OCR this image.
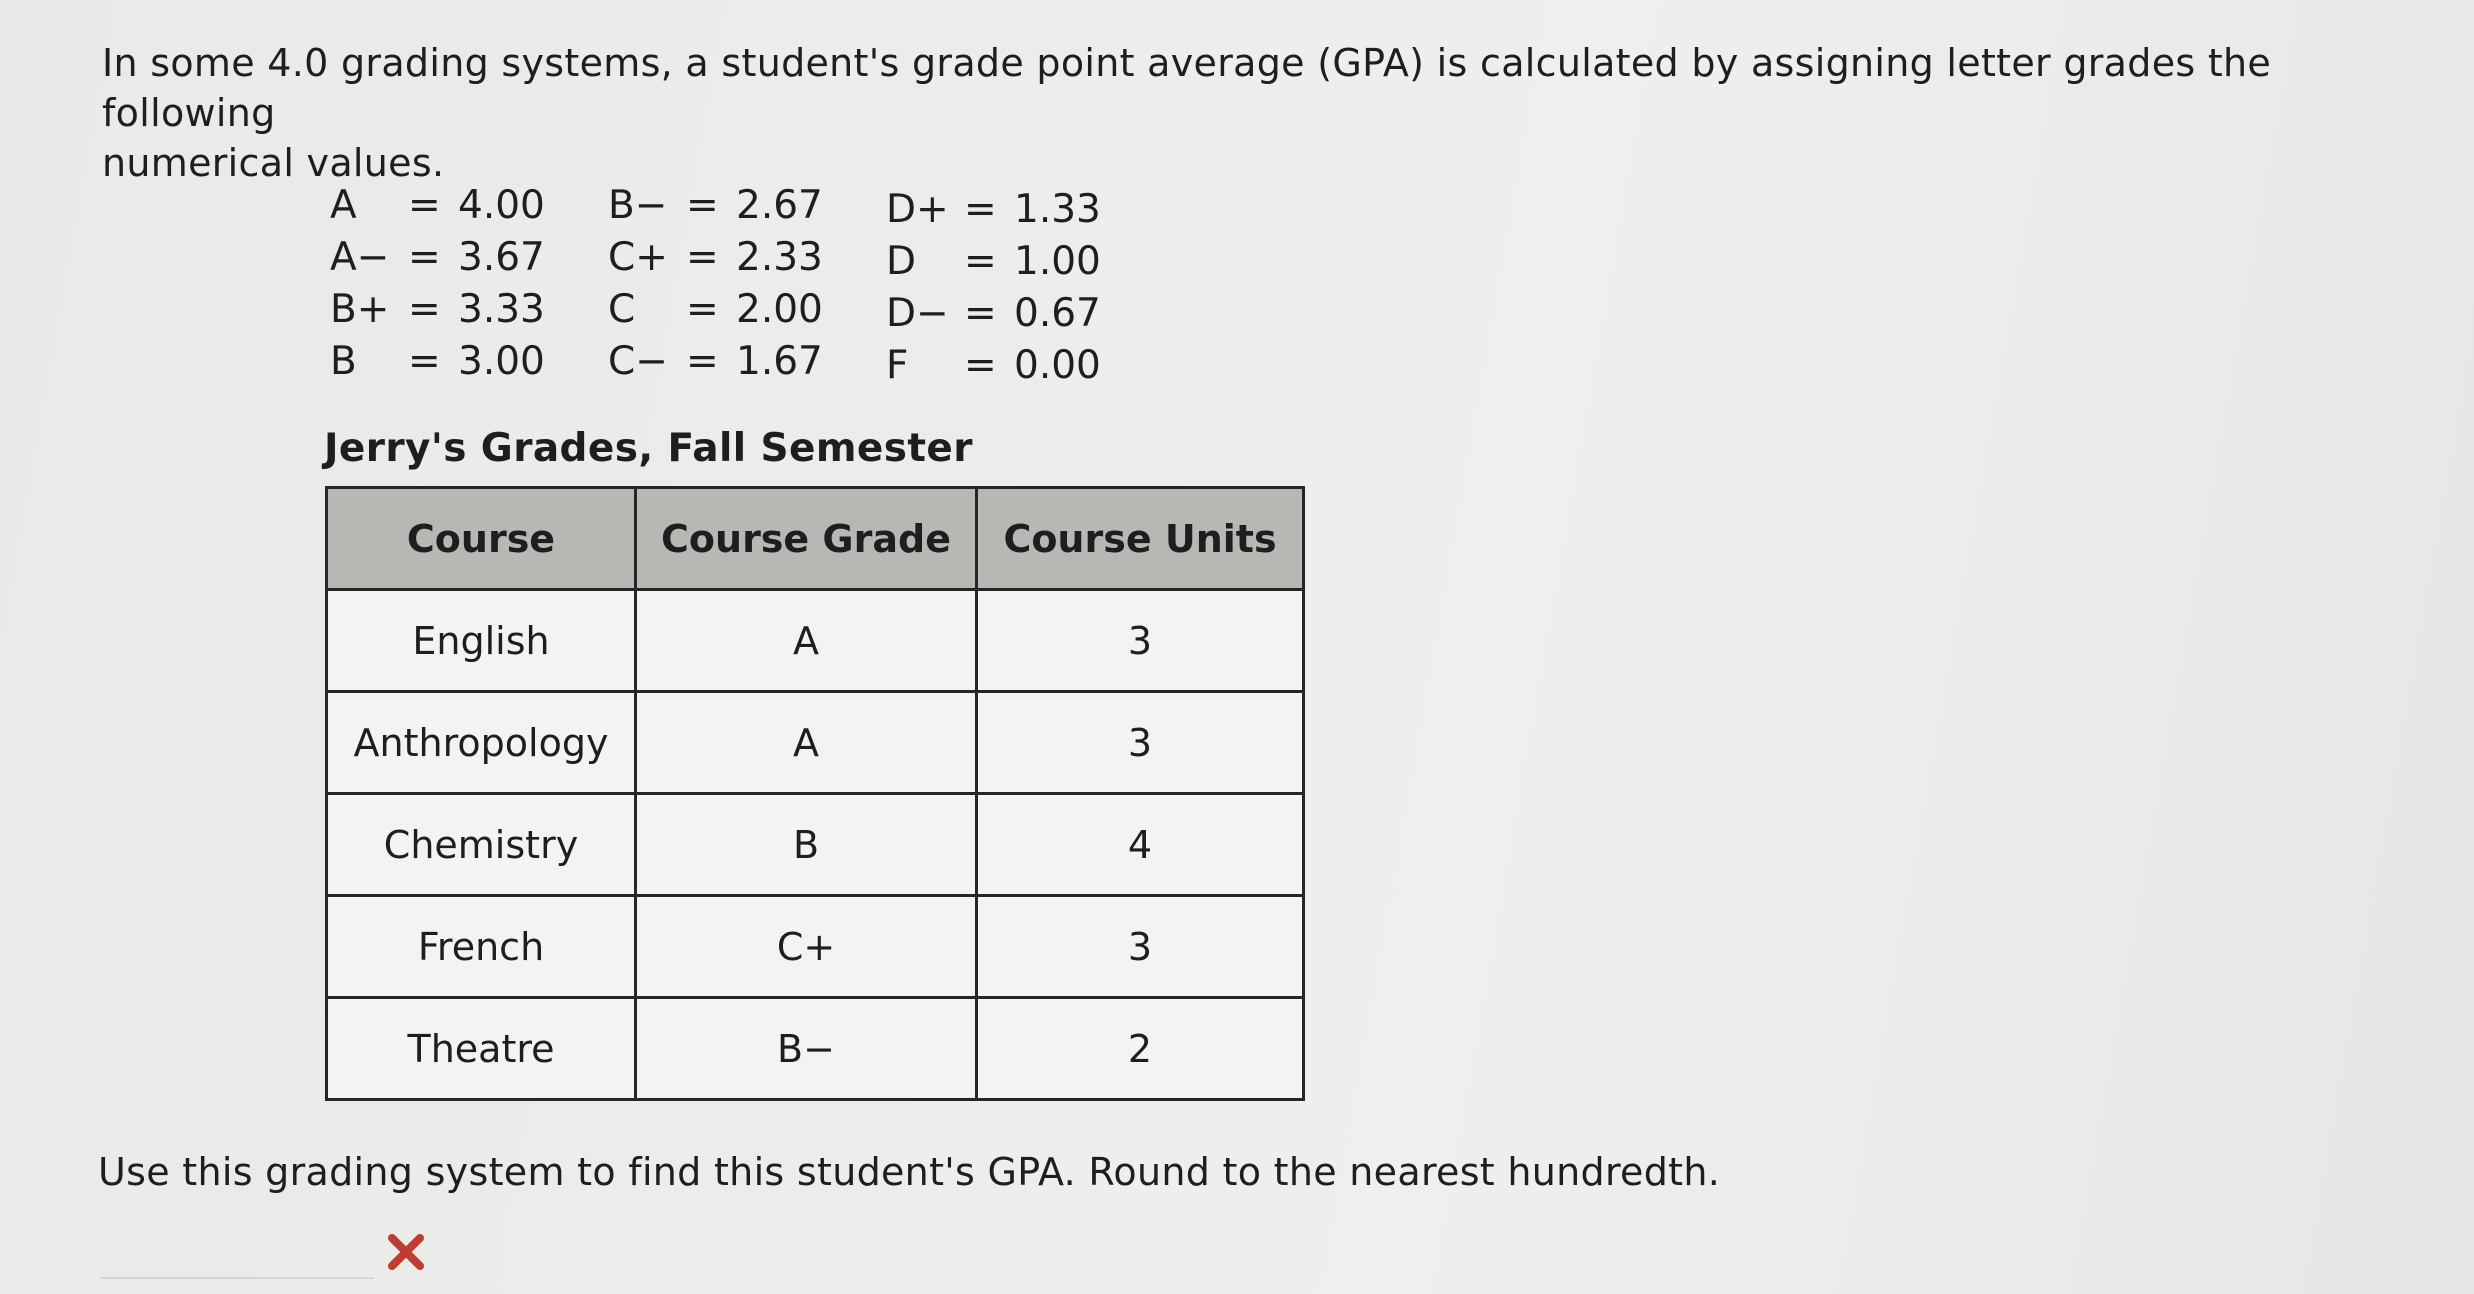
In some 4.0 grading systems, a student's grade point average (GPA) is calculated by assigning letter grades the following
numerical values.
A = 4.00
A− = 3.67
B+ = 3.33
B = 3.00
B− = 2.67
C+ = 2.33
C = 2.00
C− = 1.67
D+ = 1.33
D = 1.00
D− = 0.67
F = 0.00
Jerry's Grades, Fall Semester
Course	Course Grade	Course Units
English	A	3
Anthropology	A	3
Chemistry	B	4
French	C+	3
Theatre	B−	2
Use this grading system to find this student's GPA. Round to the nearest hundredth.
